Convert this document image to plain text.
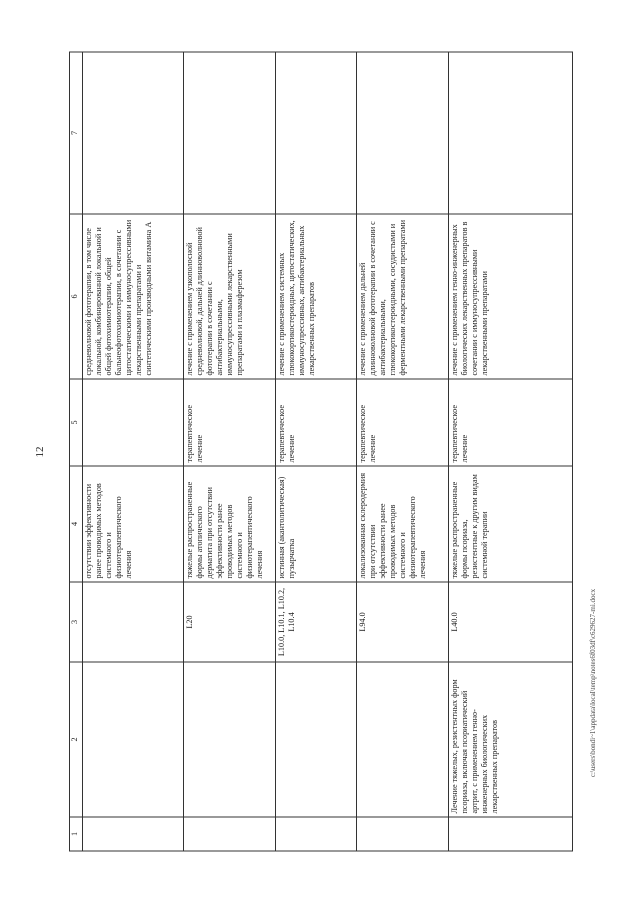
12
1	2	3	4	5	6	7
			отсутствии эффективности ранее проводимых методов системного и физиотерапевтического лечения		средневолновой фототерапии, в том числе локальной, комбинированной локальной и общей фотохимиотерапии, общей бальнеофотохимиотерапии, в сочетании с цитостатическими и иммуносупрессивными лекарственными препаратами и синтетическими производными витамина A	
		L20	тяжелые распространенные формы атопического дерматита при отсутствии эффективности ранее проводимых методов системного и физиотерапевтического лечения	терапевтическое лечение	лечение с применением узкополосной средневолновой, дальней длинноволновой фототерапии в сочетании с антибактериальными, иммуносупрессивными лекарственными препаратами и плазмаферезом	
		L10.0, L10.1, L10.2, L10.4	истинная (акантолитическая) пузырчатка	терапевтическое лечение	лечение с применением системных глюкокортикостероидных, цитостатических, иммуносупрессивных, антибактериальных лекарственных препаратов	
		L94.0	локализованная склеродермия при отсутствии эффективности ранее проводимых методов системного и физиотерапевтического лечения	терапевтическое лечение	лечение с применением дальней длинноволновой фототерапии в сочетании с антибактериальными, глюкокортикостероидными, сосудистыми и ферментными лекарственными препаратами	
	Лечение тяжелых, резистентных форм псориаза, включая псориатический артрит, с применением генно-инженерных биологических лекарственных препаратов	L40.0	тяжелые распространенные формы псориаза, резистентные к другим видам системной терапии	терапевтическое лечение	лечение с применением генно-инженерных биологических лекарственных препаратов в сочетании с иммуносупрессивными лекарственными препаратами	
c:\users\bondi~1\appdata\local\temp\notes6f03df\c629627-mi.docx
